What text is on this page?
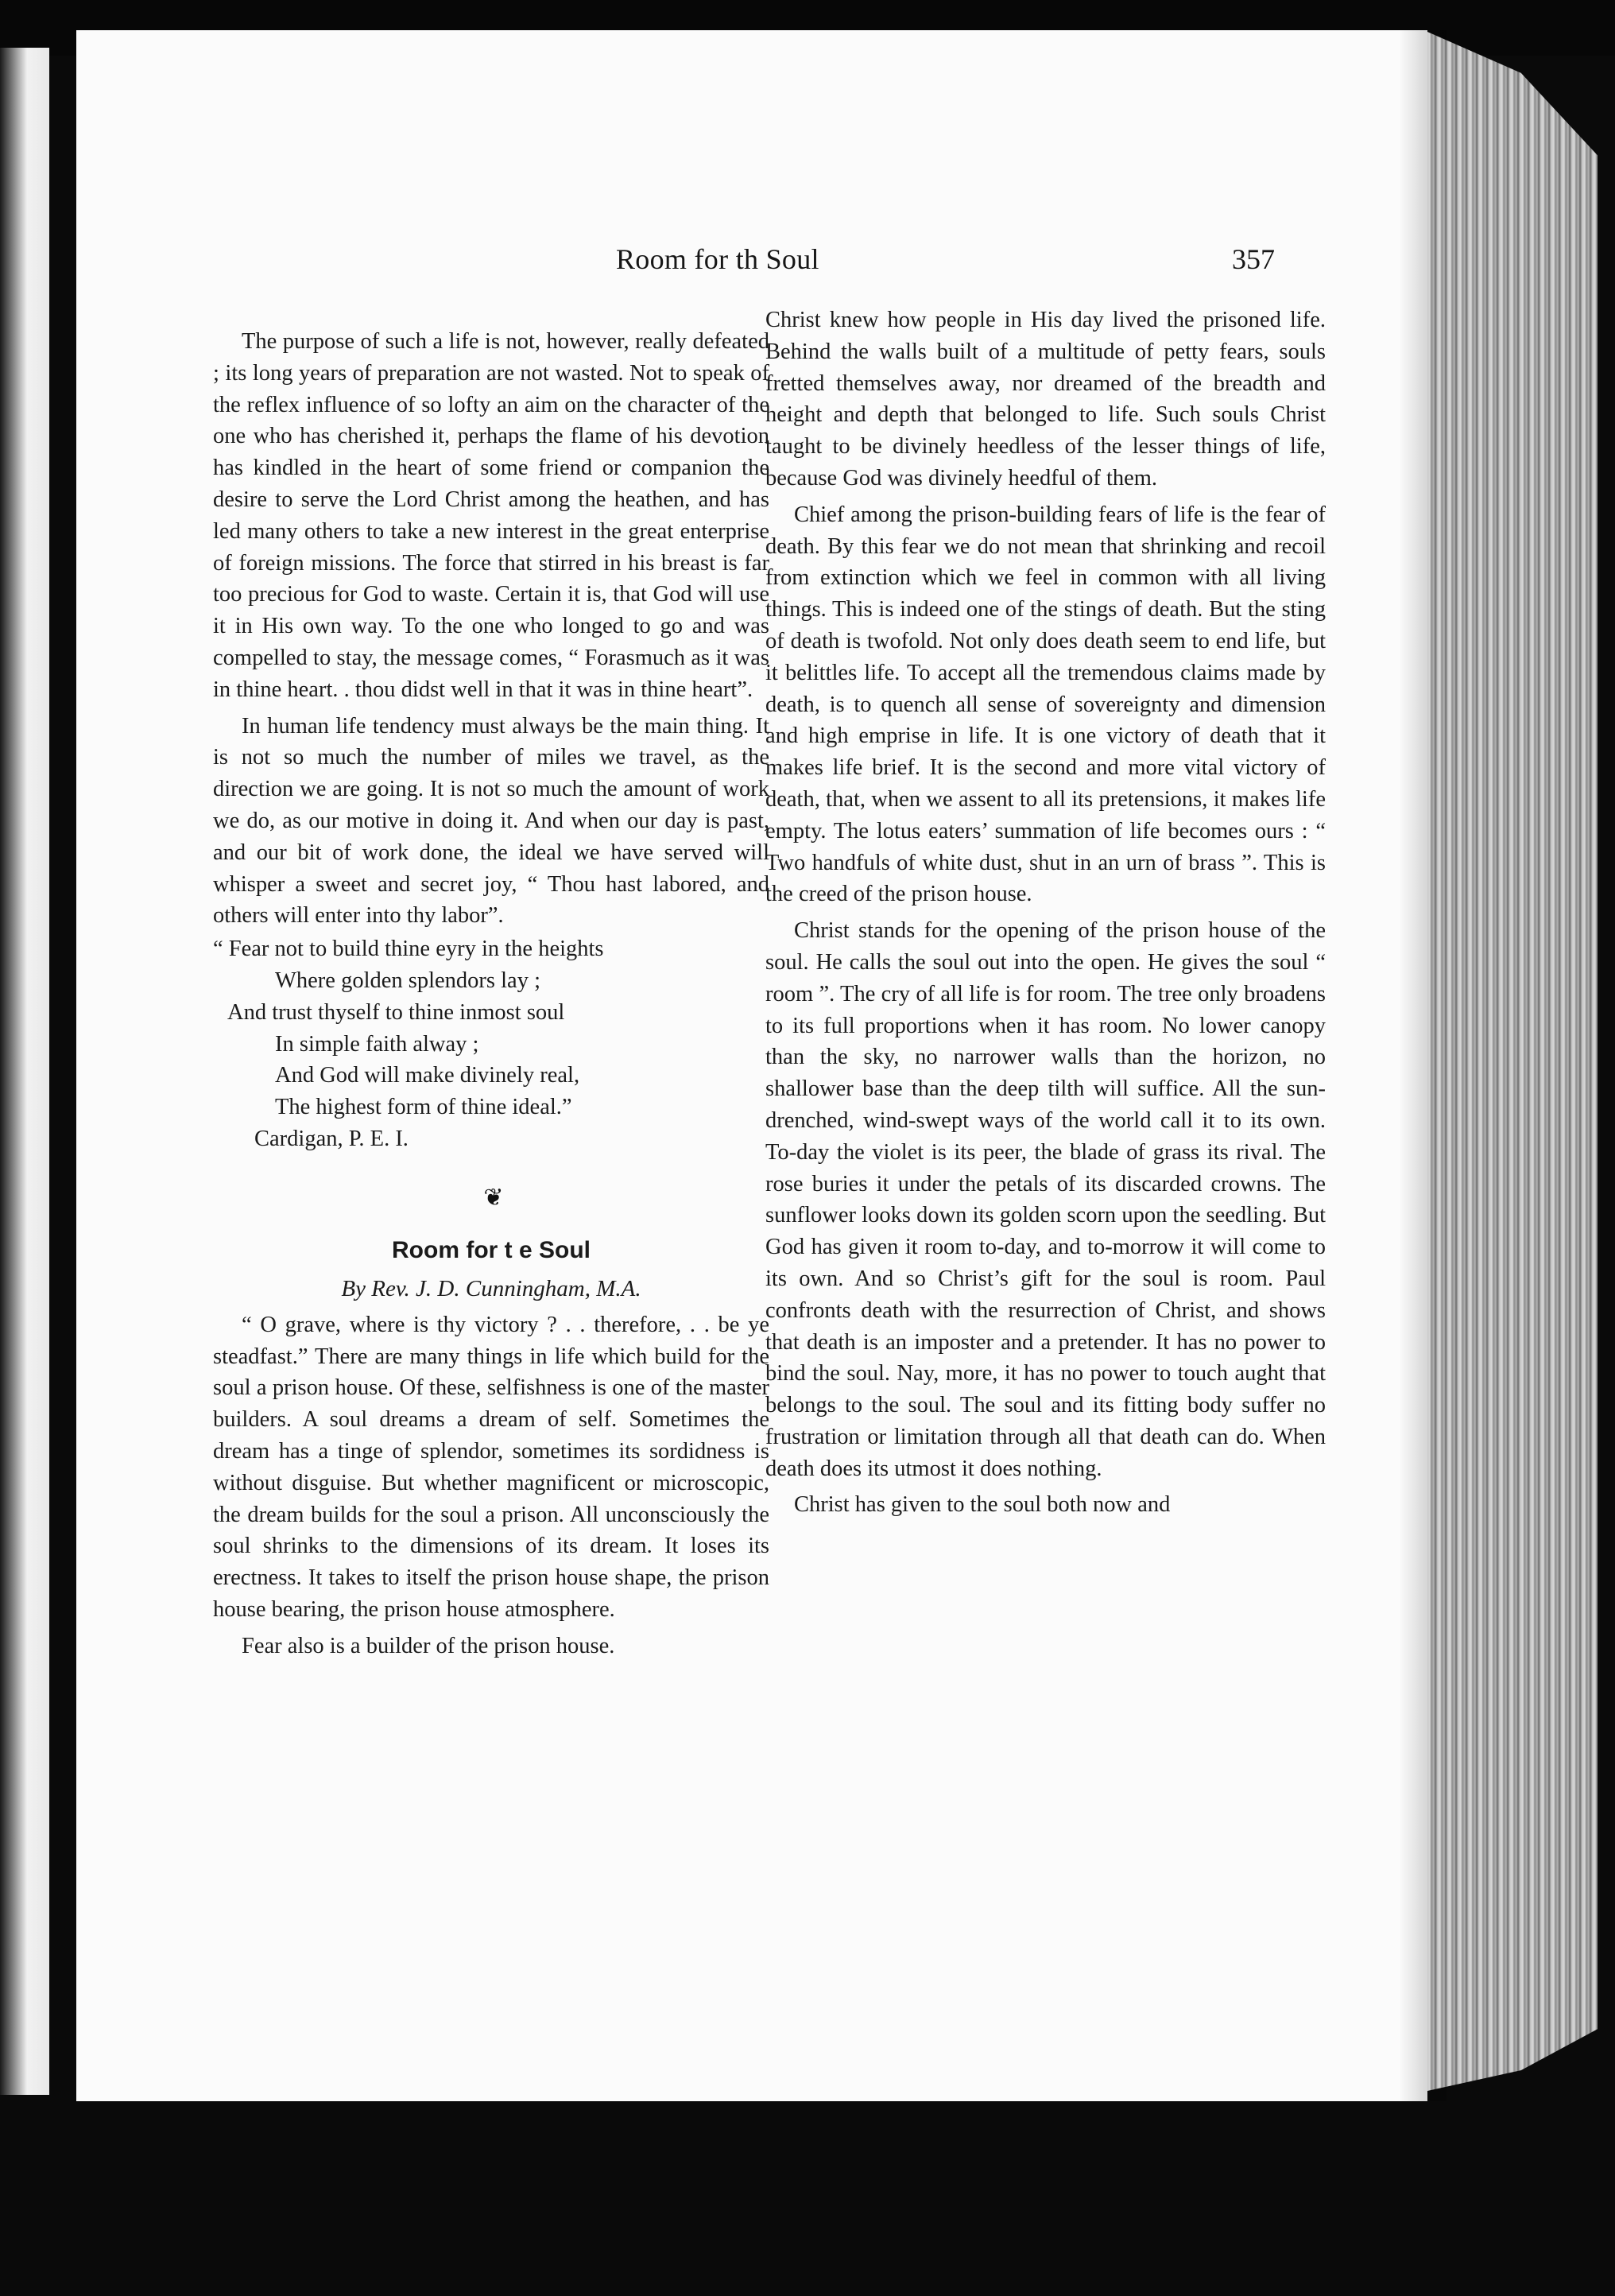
Room for th Soul	357

The purpose of such a life is not, however, really defeated ; its long years of preparation are not wasted. Not to speak of the reflex influence of so lofty an aim on the character of the one who has cherished it, perhaps the flame of his devotion has kindled in the heart of some friend or companion the desire to serve the Lord Christ among the heathen, and has led many others to take a new interest in the great enterprise of foreign missions. The force that stirred in his breast is far too precious for God to waste. Certain it is, that God will use it in His own way. To the one who longed to go and was compelled to stay, the message comes, “ Forasmuch as it was in thine heart. . thou didst well in that it was in thine heart”.

In human life tendency must always be the main thing. It is not so much the number of miles we travel, as the direction we are going. It is not so much the amount of work we do, as our motive in doing it. And when our day is past, and our bit of work done, the ideal we have served will whisper a sweet and secret joy, “ Thou hast labored, and others will enter into thy labor”.

“ Fear not to build thine eyry in the heights
Where golden splendors lay ;
And trust thyself to thine inmost soul
In simple faith alway ;
And God will make divinely real,
The highest form of thine ideal.”
Cardigan, P. E. I.
❦
Room for t e Soul
By Rev. J. D. Cunningham, M.A.

“ O grave, where is thy victory ? . . therefore, . . be ye steadfast.” There are many things in life which build for the soul a prison house. Of these, selfishness is one of the master builders. A soul dreams a dream of self. Sometimes the dream has a tinge of splendor, sometimes its sordidness is without disguise. But whether magnificent or microscopic, the dream builds for the soul a prison. All unconsciously the soul shrinks to the dimensions of its dream. It loses its erectness. It takes to itself the prison house shape, the prison house bearing, the prison house atmosphere.

Fear also is a builder of the prison house.

Christ knew how people in His day lived the prisoned life. Behind the walls built of a multitude of petty fears, souls fretted themselves away, nor dreamed of the breadth and height and depth that belonged to life. Such souls Christ taught to be divinely heedless of the lesser things of life, because God was divinely heedful of them.

Chief among the prison-building fears of life is the fear of death. By this fear we do not mean that shrinking and recoil from extinction which we feel in common with all living things. This is indeed one of the stings of death. But the sting of death is twofold. Not only does death seem to end life, but it belittles life. To accept all the tremendous claims made by death, is to quench all sense of sovereignty and dimension and high emprise in life. It is one victory of death that it makes life brief. It is the second and more vital victory of death, that, when we assent to all its pretensions, it makes life empty. The lotus eaters’ summation of life becomes ours : “ Two handfuls of white dust, shut in an urn of brass ”. This is the creed of the prison house.

Christ stands for the opening of the prison house of the soul. He calls the soul out into the open. He gives the soul “ room ”. The cry of all life is for room. The tree only broadens to its full proportions when it has room. No lower canopy than the sky, no narrower walls than the horizon, no shallower base than the deep tilth will suffice. All the sun-drenched, wind-swept ways of the world call it to its own. To-day the violet is its peer, the blade of grass its rival. The rose buries it under the petals of its discarded crowns. The sunflower looks down its golden scorn upon the seedling. But God has given it room to-day, and to-morrow it will come to its own. And so Christ’s gift for the soul is room. Paul confronts death with the resurrection of Christ, and shows that death is an imposter and a pretender. It has no power to bind the soul. Nay, more, it has no power to touch aught that belongs to the soul. The soul and its fitting body suffer no frustration or limitation through all that death can do. When death does its utmost it does nothing.

Christ has given to the soul both now and
